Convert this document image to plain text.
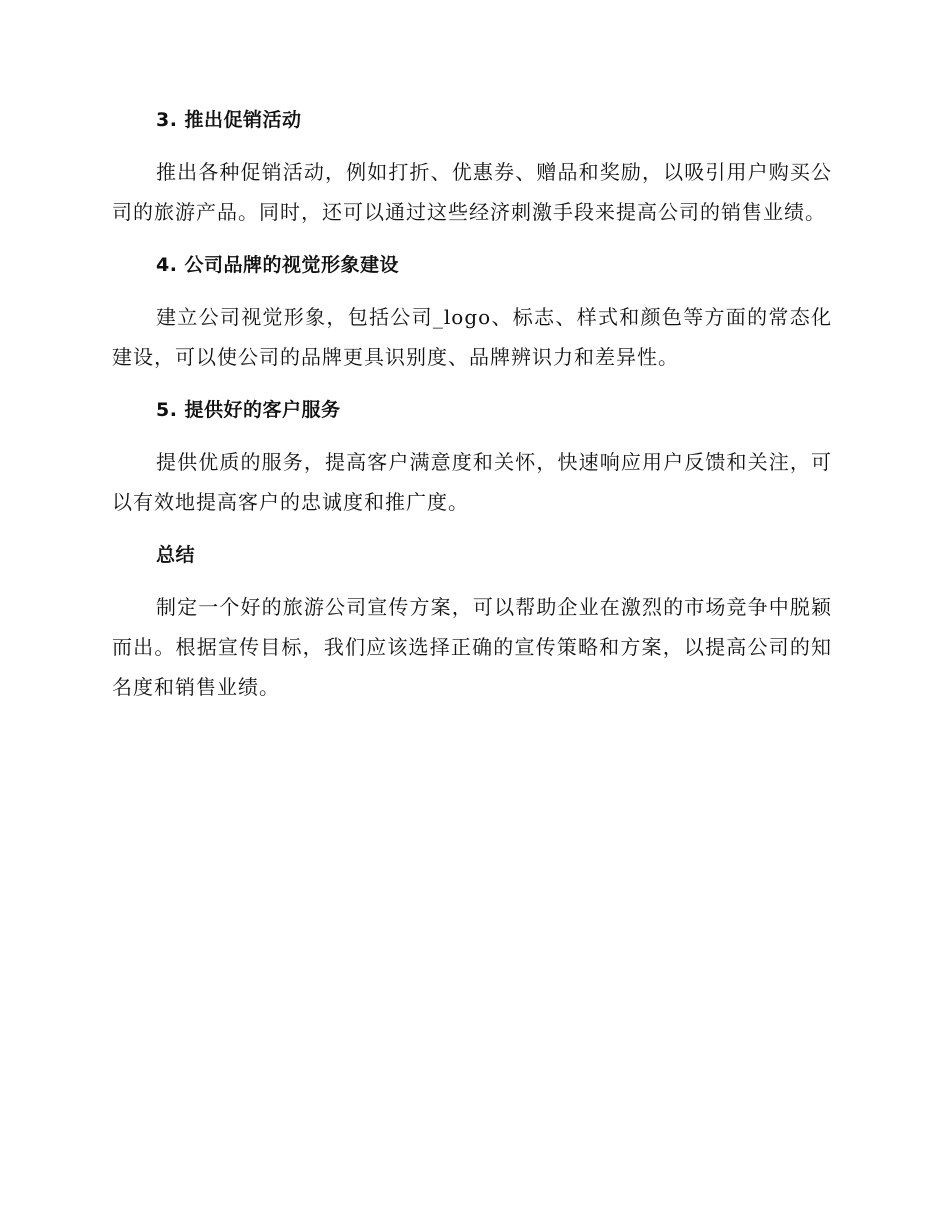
3. 推出促销活动

推出各种促销活动，例如打折、优惠券、赠品和奖励，以吸引用户购买公司的旅游产品。同时，还可以通过这些经济刺激手段来提高公司的销售业绩。

4. 公司品牌的视觉形象建设

建立公司视觉形象，包括公司_logo、标志、样式和颜色等方面的常态化建设，可以使公司的品牌更具识别度、品牌辨识力和差异性。

5. 提供好的客户服务

提供优质的服务，提高客户满意度和关怀，快速响应用户反馈和关注，可以有效地提高客户的忠诚度和推广度。

总结

制定一个好的旅游公司宣传方案，可以帮助企业在激烈的市场竞争中脱颖而出。根据宣传目标，我们应该选择正确的宣传策略和方案，以提高公司的知名度和销售业绩。
